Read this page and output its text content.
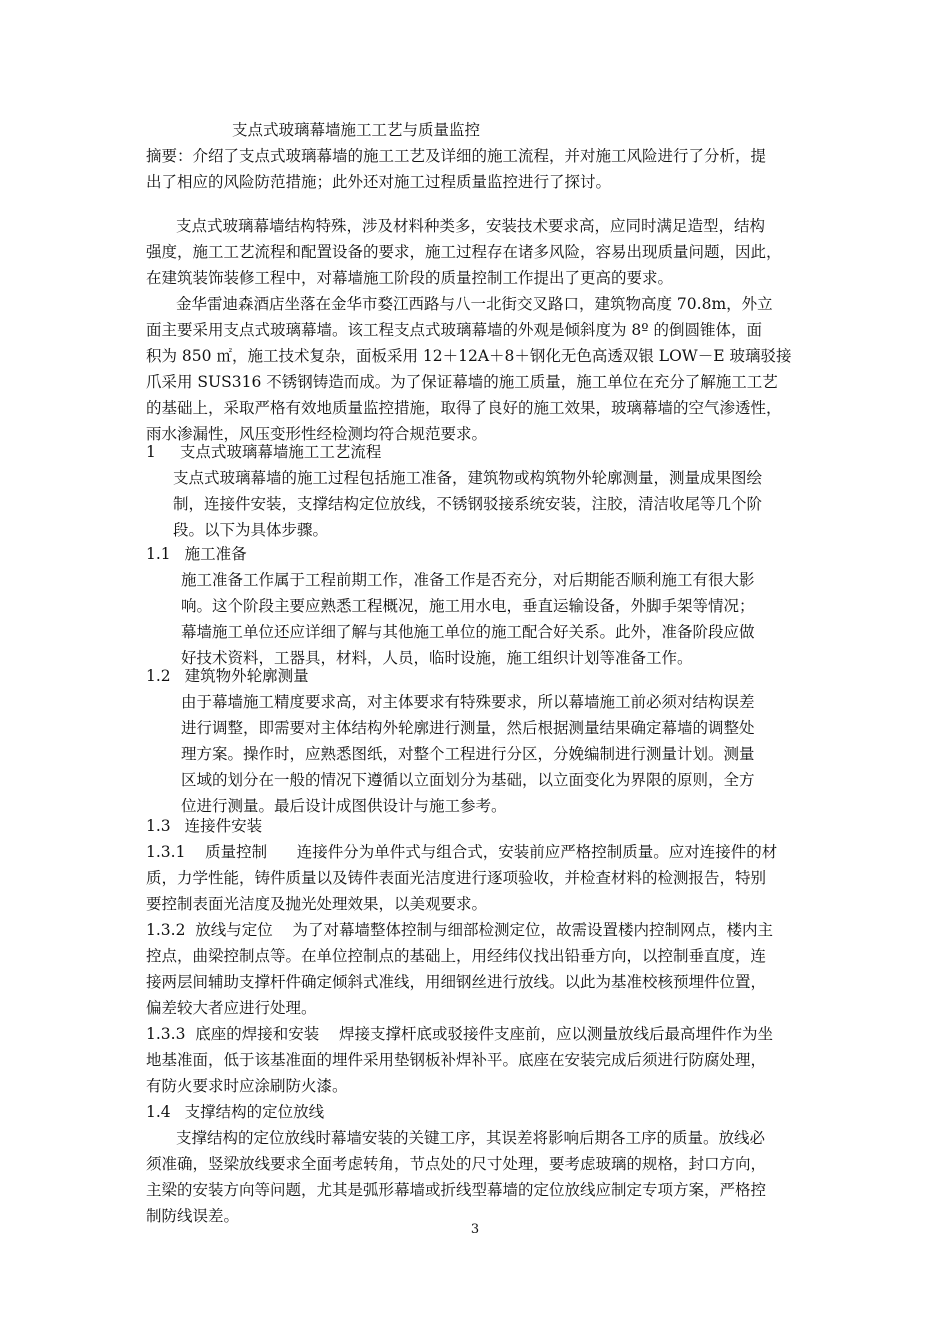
支点式玻璃幕墙施工工艺与质量监控
摘要：介绍了支点式玻璃幕墙的施工工艺及详细的施工流程，并对施工风险进行了分析，提
出了相应的风险防范措施；此外还对施工过程质量监控进行了探讨。
支点式玻璃幕墙结构特殊，涉及材料种类多，安装技术要求高，应同时满足造型，结构
强度，施工工艺流程和配置设备的要求，施工过程存在诸多风险，容易出现质量问题，因此，
在建筑装饰装修工程中，对幕墙施工阶段的质量控制工作提出了更高的要求。
金华雷迪森酒店坐落在金华市婺江西路与八一北街交叉路口，建筑物高度 70.8m，外立
面主要采用支点式玻璃幕墙。该工程支点式玻璃幕墙的外观是倾斜度为 8º 的倒圆锥体，面
积为 850 ㎡，施工技术复杂，面板采用 12＋12A＋8＋钢化无色高透双银 LOW－E 玻璃驳接
爪采用 SUS316 不锈钢铸造而成。为了保证幕墙的施工质量，施工单位在充分了解施工工艺
的基础上，采取严格有效地质量监控措施，取得了良好的施工效果，玻璃幕墙的空气渗透性，
雨水渗漏性，风压变形性经检测均符合规范要求。
1 支点式玻璃幕墙施工工艺流程
支点式玻璃幕墙的施工过程包括施工准备，建筑物或构筑物外轮廓测量，测量成果图绘
制，连接件安装，支撑结构定位放线，不锈钢驳接系统安装，注胶，清洁收尾等几个阶
段。以下为具体步骤。
1.1 施工准备
施工准备工作属于工程前期工作，准备工作是否充分，对后期能否顺利施工有很大影
响。这个阶段主要应熟悉工程概况，施工用水电，垂直运输设备，外脚手架等情况；
幕墙施工单位还应详细了解与其他施工单位的施工配合好关系。此外，准备阶段应做
好技术资料，工器具，材料，人员，临时设施，施工组织计划等准备工作。
1.2 建筑物外轮廓测量
由于幕墙施工精度要求高，对主体要求有特殊要求，所以幕墙施工前必须对结构误差
进行调整，即需要对主体结构外轮廓进行测量，然后根据测量结果确定幕墙的调整处
理方案。操作时，应熟悉图纸，对整个工程进行分区，分娩编制进行测量计划。测量
区域的划分在一般的情况下遵循以立面划分为基础，以立面变化为界限的原则，全方
位进行测量。最后设计成图供设计与施工参考。
1.3 连接件安装
1.3.1    质量控制      连接件分为单件式与组合式，安装前应严格控制质量。应对连接件的材
质，力学性能，铸件质量以及铸件表面光洁度进行逐项验收，并检查材料的检测报告，特别
要控制表面光洁度及抛光处理效果，以美观要求。
1.3.2  放线与定位    为了对幕墙整体控制与细部检测定位，故需设置楼内控制网点，楼内主
控点，曲梁控制点等。在单位控制点的基础上，用经纬仪找出铅垂方向，以控制垂直度，连
接两层间辅助支撑杆件确定倾斜式准线，用细钢丝进行放线。以此为基准校核预埋件位置，
偏差较大者应进行处理。
1.3.3  底座的焊接和安装    焊接支撑杆底或驳接件支座前，应以测量放线后最高埋件作为坐
地基准面，低于该基准面的埋件采用垫钢板补焊补平。底座在安装完成后须进行防腐处理，
有防火要求时应涂刷防火漆。
1.4 支撑结构的定位放线
支撑结构的定位放线时幕墙安装的关键工序，其误差将影响后期各工序的质量。放线必
须准确，竖梁放线要求全面考虑转角，节点处的尺寸处理，要考虑玻璃的规格，封口方向，
主梁的安装方向等问题，尤其是弧形幕墙或折线型幕墙的定位放线应制定专项方案，严格控
制防线误差。
3
